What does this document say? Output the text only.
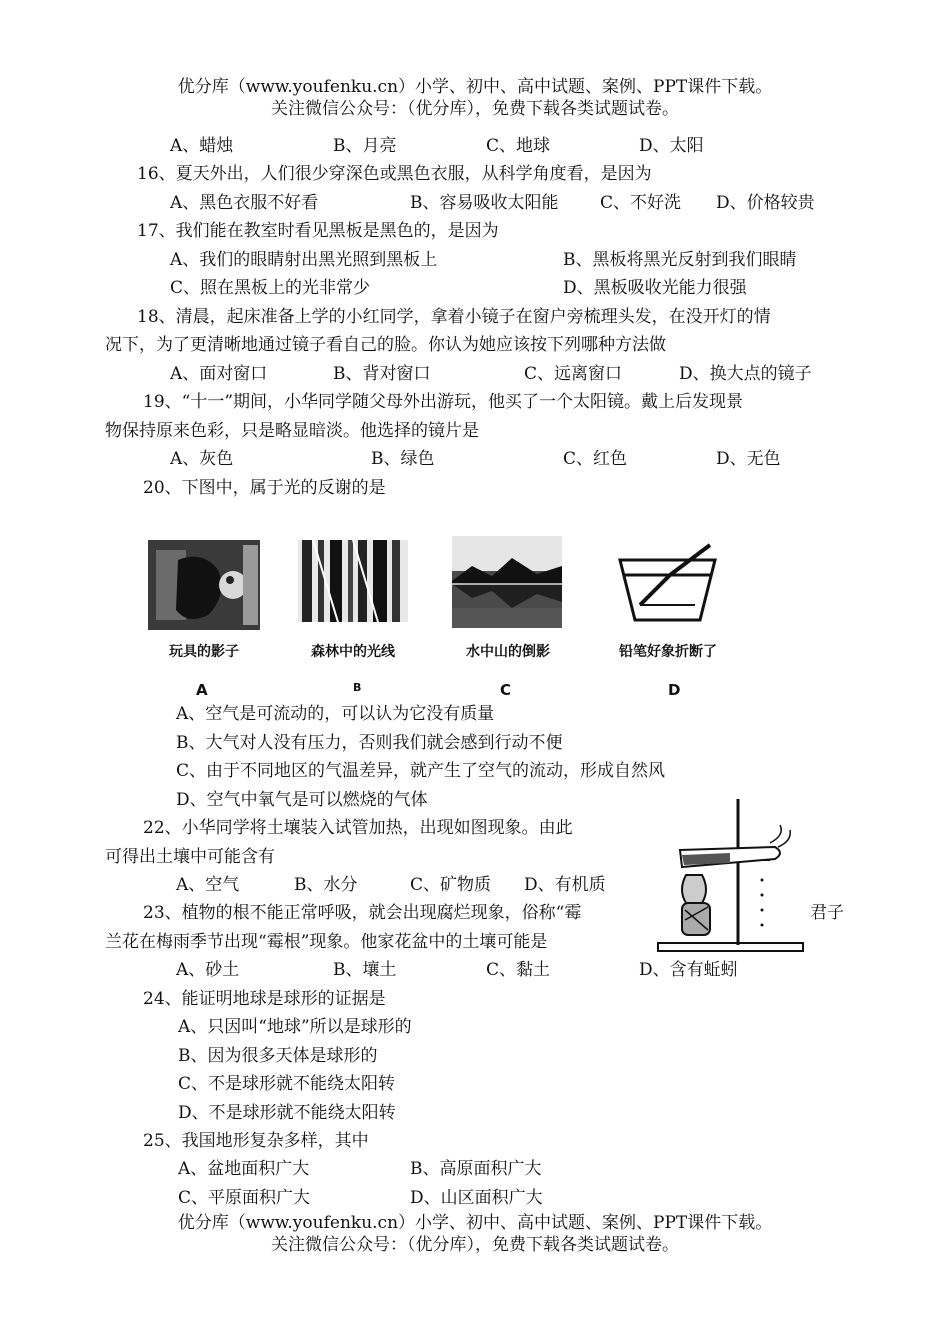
优分库（www.youfenku.cn）小学、初中、高中试题、案例、PPT课件下载。
关注微信公众号：（优分库），免费下载各类试题试卷。
A、蜡烛	B、月亮	C、地球	D、太阳
16、夏天外出，人们很少穿深色或黑色衣服，从科学角度看，是因为
A、黑色衣服不好看	B、容易吸收太阳能 C、不好洗 D、价格较贵
17、我们能在教室时看见黑板是黑色的，是因为
A、我们的眼睛射出黑光照到黑板上	B、黑板将黑光反射到我们眼睛
C、照在黑板上的光非常少	D、黑板吸收光能力很强
18、清晨，起床准备上学的小红同学，拿着小镜子在窗户旁梳理头发，在没开灯的情
况下，为了更清晰地通过镜子看自己的脸。你认为她应该按下列哪种方法做
A、面对窗口	B、背对窗口	C、远离窗口	D、换大点的镜子
19、“十一”期间，小华同学随父母外出游玩，他买了一个太阳镜。戴上后发现景
物保持原来色彩，只是略显暗淡。他选择的镜片是
A、灰色	B、绿色	C、红色	D、无色
20、下图中，属于光的反谢的是
玩具的影子
A
森林中的光线
B
水中山的倒影
C
铅笔好象折断了
D
A、空气是可流动的，可以认为它没有质量
B、大气对人没有压力，否则我们就会感到行动不便
C、由于不同地区的气温差异，就产生了空气的流动，形成自然风
D、空气中氧气是可以燃烧的气体
22、小华同学将土壤装入试管加热，出现如图现象。由此
可得出土壤中可能含有
A、空气	B、水分	C、矿物质 D、有机质
23、植物的根不能正常呼吸，就会出现腐烂现象，俗称“霉	君子
兰花在梅雨季节出现“霉根”现象。他家花盆中的土壤可能是
A、砂土	B、壤土	C、黏土	D、含有蚯蚓
24、能证明地球是球形的证据是
A、只因叫“地球”所以是球形的
B、因为很多天体是球形的
C、不是球形就不能绕太阳转
D、不是球形就不能绕太阳转
25、我国地形复杂多样，其中
A、盆地面积广大	B、高原面积广大
C、平原面积广大	D、山区面积广大
优分库（www.youfenku.cn）小学、初中、高中试题、案例、PPT课件下载。
关注微信公众号：（优分库），免费下载各类试题试卷。
